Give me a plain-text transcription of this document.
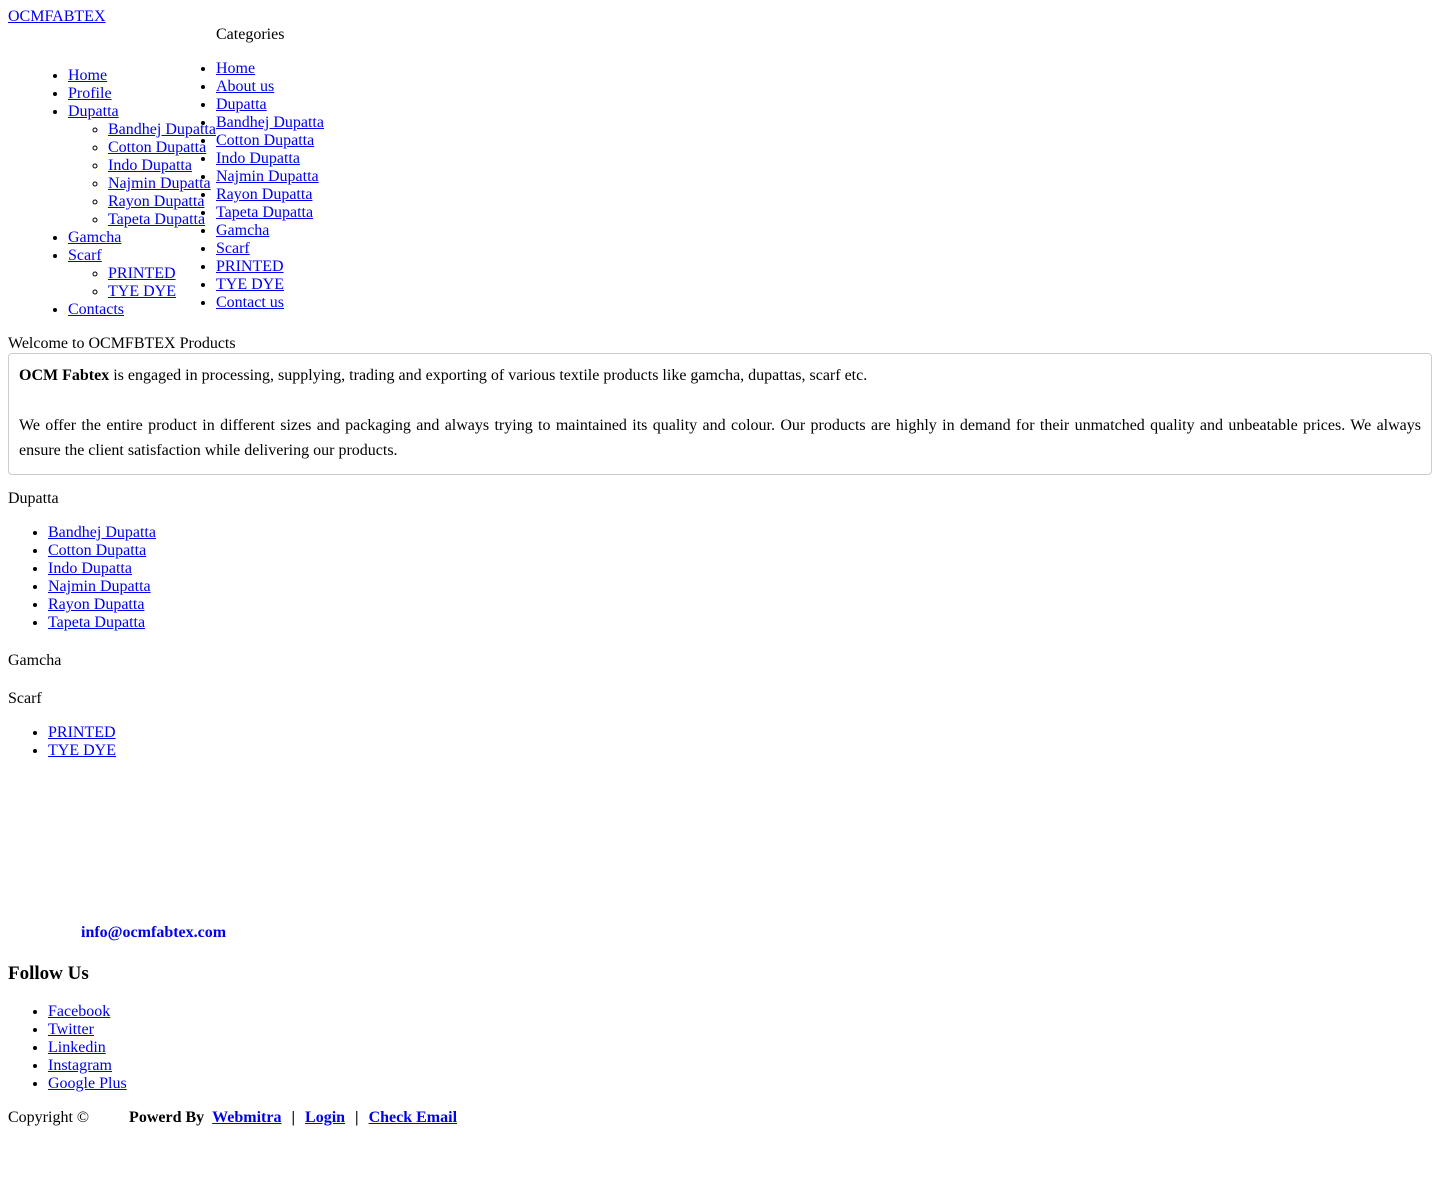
OCMFABTEX
• Home
• Profile
• Dupatta
◦ Bandhej Dupatta
◦ Cotton Dupatta
◦ Indo Dupatta
◦ Najmin Dupatta
◦ Rayon Dupatta
◦ Tapeta Dupatta
• Gamcha
• Scarf
◦ PRINTED
◦ TYE DYE
• Contacts
Categories
• Home
• About us
• Dupatta
• Bandhej Dupatta
• Cotton Dupatta
• Indo Dupatta
• Najmin Dupatta
• Rayon Dupatta
• Tapeta Dupatta
• Gamcha
• Scarf
• PRINTED
• TYE DYE
• Contact us
Welcome to OCMFBTEX Products

OCM Fabtex is engaged in processing, supplying, trading and exporting of various textile products like gamcha, dupattas, scarf etc.

We offer the entire product in different sizes and packaging and always trying to maintained its quality and colour. Our products are highly in demand for their unmatched quality and unbeatable prices. We always ensure the client satisfaction while delivering our products.

Dupatta
• Bandhej Dupatta
• Cotton Dupatta
• Indo Dupatta
• Najmin Dupatta
• Rayon Dupatta
• Tapeta Dupatta
Gamcha
Scarf
• PRINTED
• TYE DYE
info@ocmfabtex.com
Follow Us
• Facebook
• Twitter
• Linkedin
• Instagram
• Google Plus
Copyright ©	Powerd By Webmitra | Login | Check Email
